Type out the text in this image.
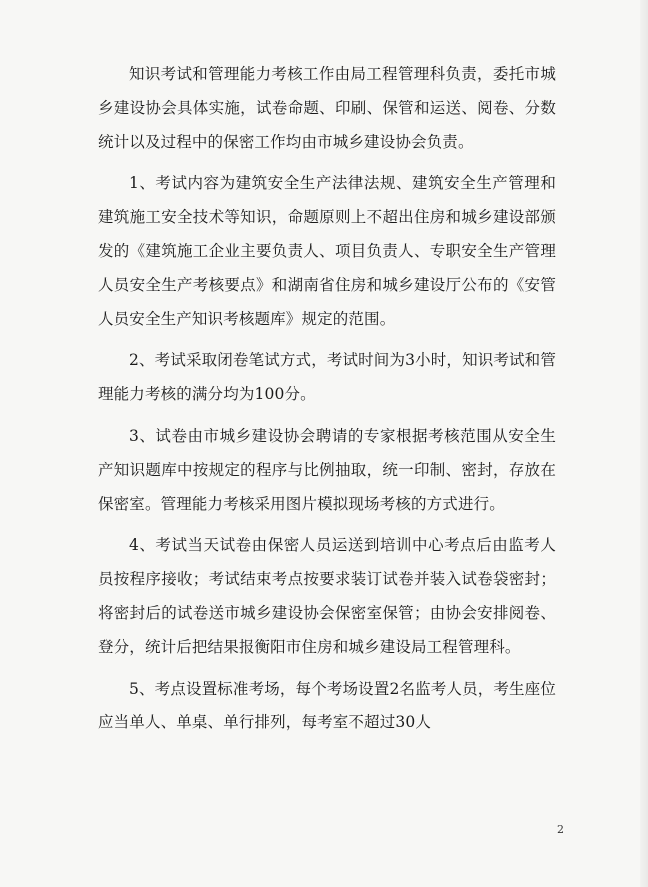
知识考试和管理能力考核工作由局工程管理科负责，委托市城乡建设协会具体实施，试卷命题、印刷、保管和运送、阅卷、分数统计以及过程中的保密工作均由市城乡建设协会负责。

1、考试内容为建筑安全生产法律法规、建筑安全生产管理和建筑施工安全技术等知识，命题原则上不超出住房和城乡建设部颁发的《建筑施工企业主要负责人、项目负责人、专职安全生产管理人员安全生产考核要点》和湖南省住房和城乡建设厅公布的《安管人员安全生产知识考核题库》规定的范围。

2、考试采取闭卷笔试方式，考试时间为3小时，知识考试和管理能力考核的满分均为100分。

3、试卷由市城乡建设协会聘请的专家根据考核范围从安全生产知识题库中按规定的程序与比例抽取，统一印制、密封，存放在保密室。管理能力考核采用图片模拟现场考核的方式进行。

4、考试当天试卷由保密人员运送到培训中心考点后由监考人员按程序接收；考试结束考点按要求装订试卷并装入试卷袋密封；将密封后的试卷送市城乡建设协会保密室保管；由协会安排阅卷、登分，统计后把结果报衡阳市住房和城乡建设局工程管理科。

5、考点设置标准考场，每个考场设置2名监考人员，考生座位应当单人、单桌、单行排列，每考室不超过30人

2
